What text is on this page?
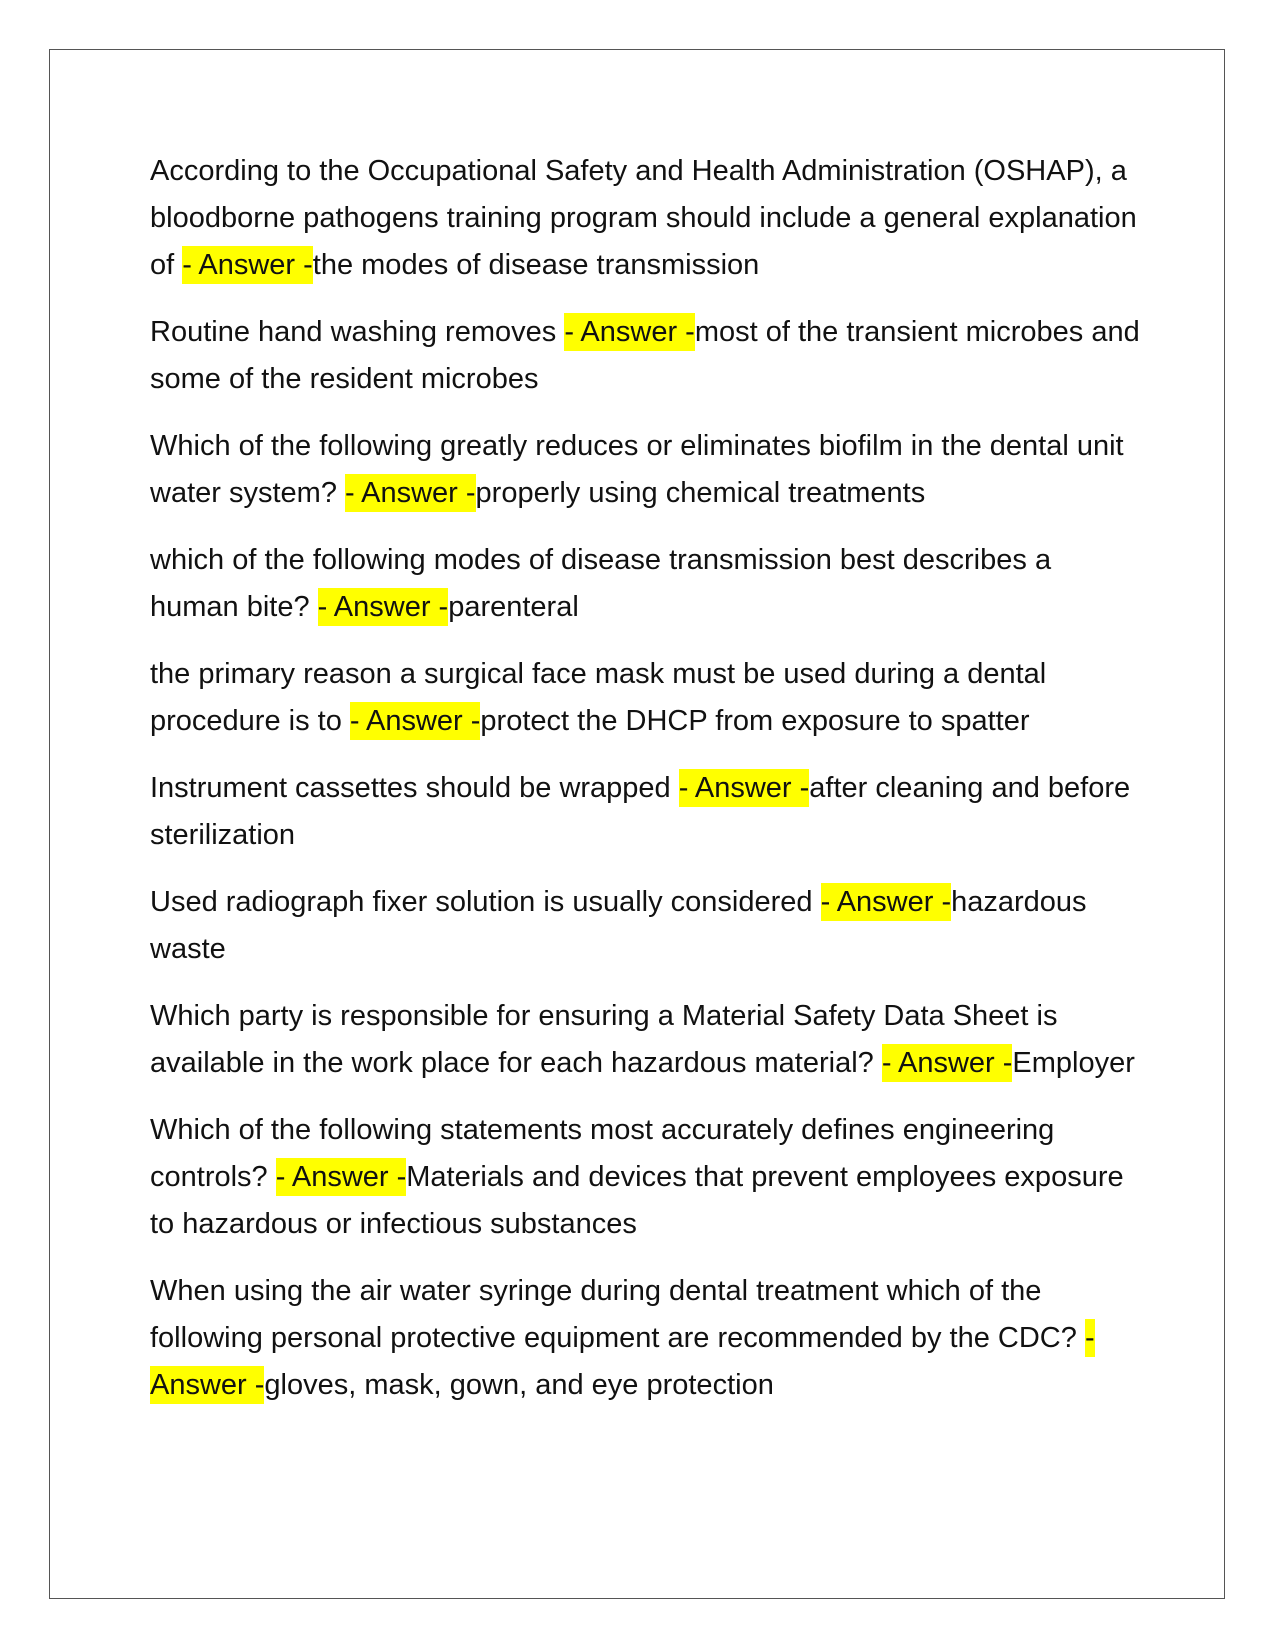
According to the Occupational Safety and Health Administration (OSHAP), a bloodborne pathogens training program should include a general explanation of - Answer -the modes of disease transmission

Routine hand washing removes - Answer -most of the transient microbes and some of the resident microbes

Which of the following greatly reduces or eliminates biofilm in the dental unit water system? - Answer -properly using chemical treatments

which of the following modes of disease transmission best describes a human bite? - Answer -parenteral

the primary reason a surgical face mask must be used during a dental procedure is to - Answer -protect the DHCP from exposure to spatter

Instrument cassettes should be wrapped - Answer -after cleaning and before sterilization

Used radiograph fixer solution is usually considered - Answer -hazardous waste

Which party is responsible for ensuring a Material Safety Data Sheet is available in the work place for each hazardous material? - Answer -Employer

Which of the following statements most accurately defines engineering controls? - Answer -Materials and devices that prevent employees exposure to hazardous or infectious substances

When using the air water syringe during dental treatment which of the following personal protective equipment are recommended by the CDC? - Answer -gloves, mask, gown, and eye protection
